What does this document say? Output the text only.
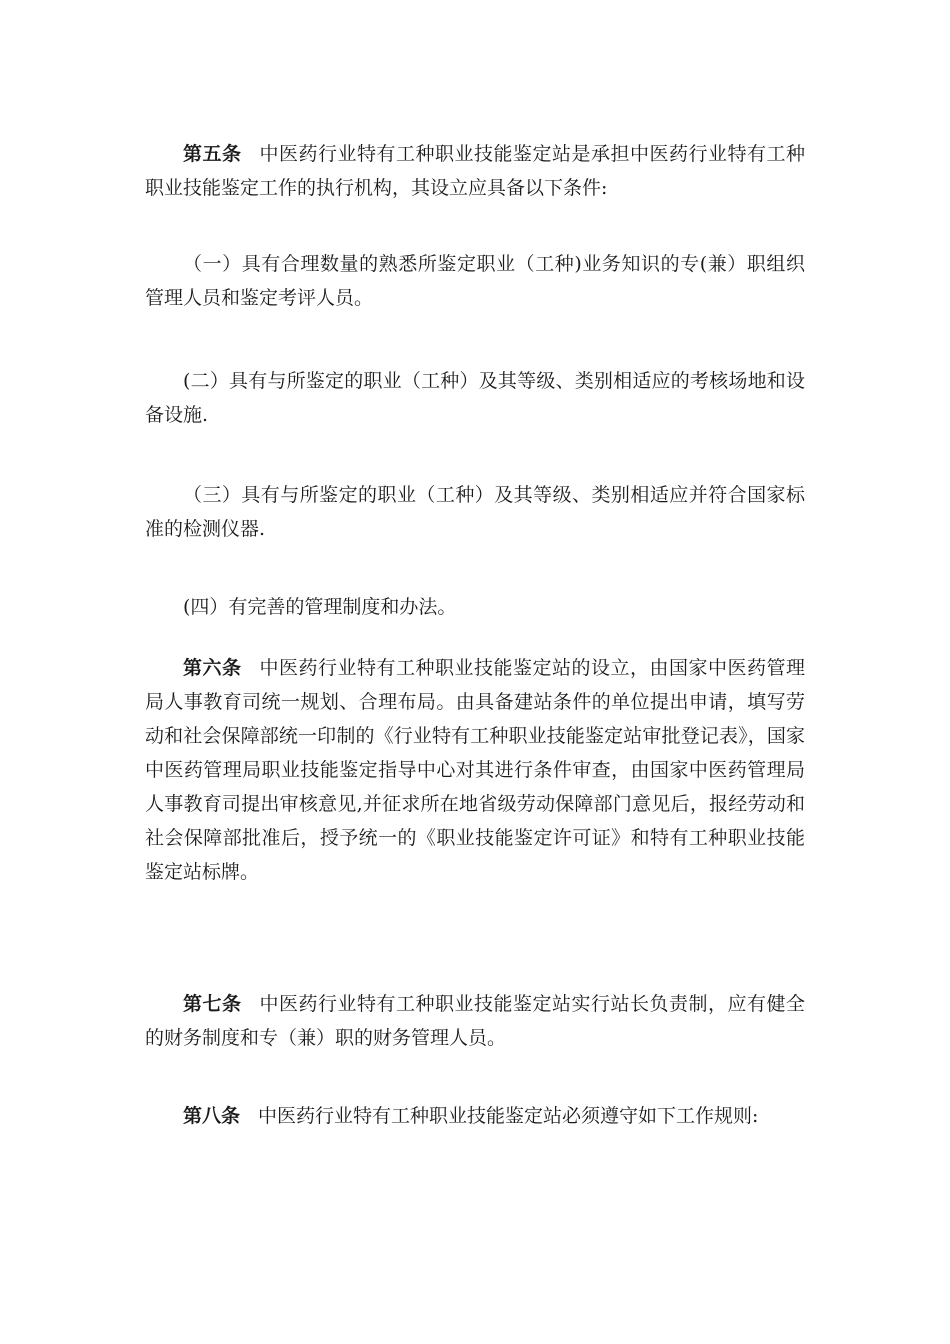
第五条 中医药行业特有工种职业技能鉴定站是承担中医药行业特有工种职业技能鉴定工作的执行机构，其设立应具备以下条件:

（一）具有合理数量的熟悉所鉴定职业（工种)业务知识的专(兼）职组织管理人员和鉴定考评人员。

(二）具有与所鉴定的职业（工种）及其等级、类别相适应的考核场地和设备设施.

（三）具有与所鉴定的职业（工种）及其等级、类别相适应并符合国家标准的检测仪器.

(四）有完善的管理制度和办法。

第六条 中医药行业特有工种职业技能鉴定站的设立，由国家中医药管理局人事教育司统一规划、合理布局。由具备建站条件的单位提出申请，填写劳动和社会保障部统一印制的《行业特有工种职业技能鉴定站审批登记表》，国家中医药管理局职业技能鉴定指导中心对其进行条件审查，由国家中医药管理局人事教育司提出审核意见,并征求所在地省级劳动保障部门意见后，报经劳动和社会保障部批准后，授予统一的《职业技能鉴定许可证》和特有工种职业技能鉴定站标牌。

第七条 中医药行业特有工种职业技能鉴定站实行站长负责制，应有健全的财务制度和专（兼）职的财务管理人员。

第八条 中医药行业特有工种职业技能鉴定站必须遵守如下工作规则:
